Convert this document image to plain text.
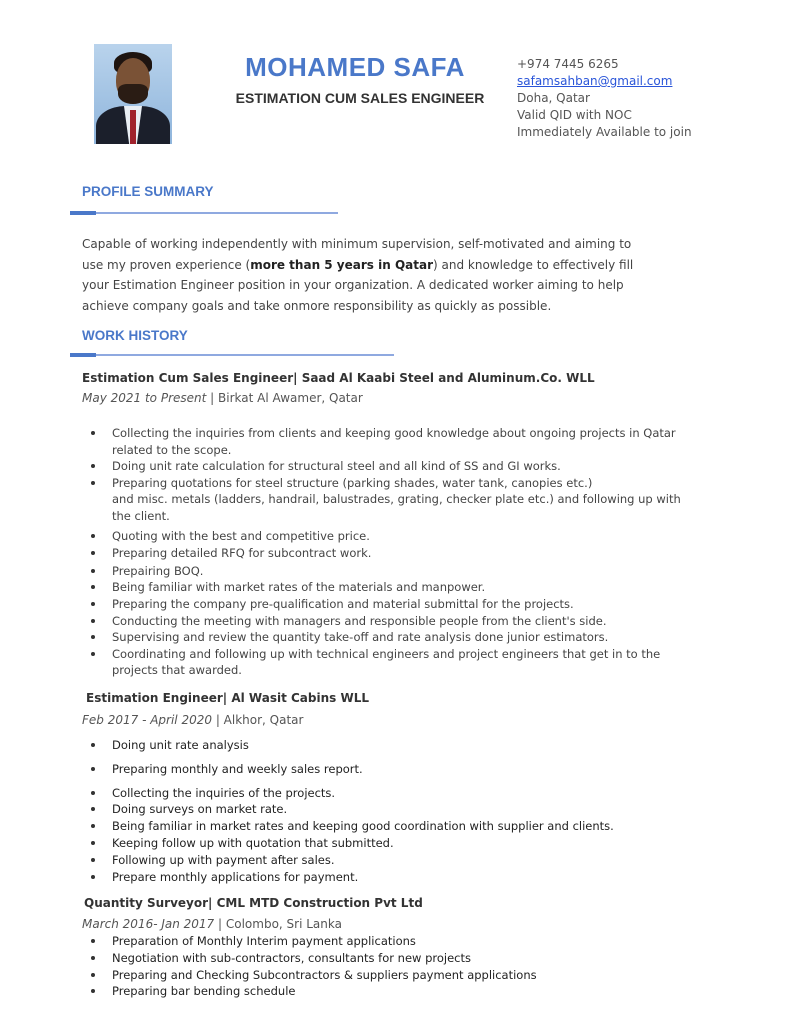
MOHAMED SAFA
ESTIMATION CUM SALES ENGINEER
+974 7445 6265
safamsahban@gmail.com
Doha, Qatar
Valid QID with NOC
Immediately Available to join
PROFILE SUMMARY
Capable of working independently with minimum supervision, self-motivated and aiming to
use my proven experience (more than 5 years in Qatar) and knowledge to effectively fill
your Estimation Engineer position in your organization. A dedicated worker aiming to help
achieve company goals and take onmore responsibility as quickly as possible.
WORK HISTORY
Estimation Cum Sales Engineer| Saad Al Kaabi Steel and Aluminum.Co. WLL
May 2021 to Present | Birkat Al Awamer, Qatar
Collecting the inquiries from clients and keeping good knowledge about ongoing projects in Qatar related to the scope.
Doing unit rate calculation for structural steel and all kind of SS and GI works.
Preparing quotations for steel structure (parking shades, water tank, canopies etc.)
and misc. metals (ladders, handrail, balustrades, grating, checker plate etc.) and following up with the client.
Quoting with the best and competitive price.
Preparing detailed RFQ for subcontract work.
Prepairing BOQ.
Being familiar with market rates of the materials and manpower.
Preparing the company pre-qualification and material submittal for the projects.
Conducting the meeting with managers and responsible people from the client's side.
Supervising and review the quantity take-off and rate analysis done junior estimators.
Coordinating and following up with technical engineers and project engineers that get in to the projects that awarded.
Estimation Engineer| Al Wasit Cabins WLL
Feb 2017 - April 2020 | Alkhor, Qatar
Doing unit rate analysis
Preparing monthly and weekly sales report.
Collecting the inquiries of the projects.
Doing surveys on market rate.
Being familiar in market rates and keeping good coordination with supplier and clients.
Keeping follow up with quotation that submitted.
Following up with payment after sales.
Prepare monthly applications for payment.
Quantity Surveyor| CML MTD Construction Pvt Ltd
March 2016- Jan 2017 | Colombo, Sri Lanka
Preparation of Monthly Interim payment applications
Negotiation with sub-contractors, consultants for new projects
Preparing and Checking Subcontractors & suppliers payment applications
Preparing bar bending schedule
